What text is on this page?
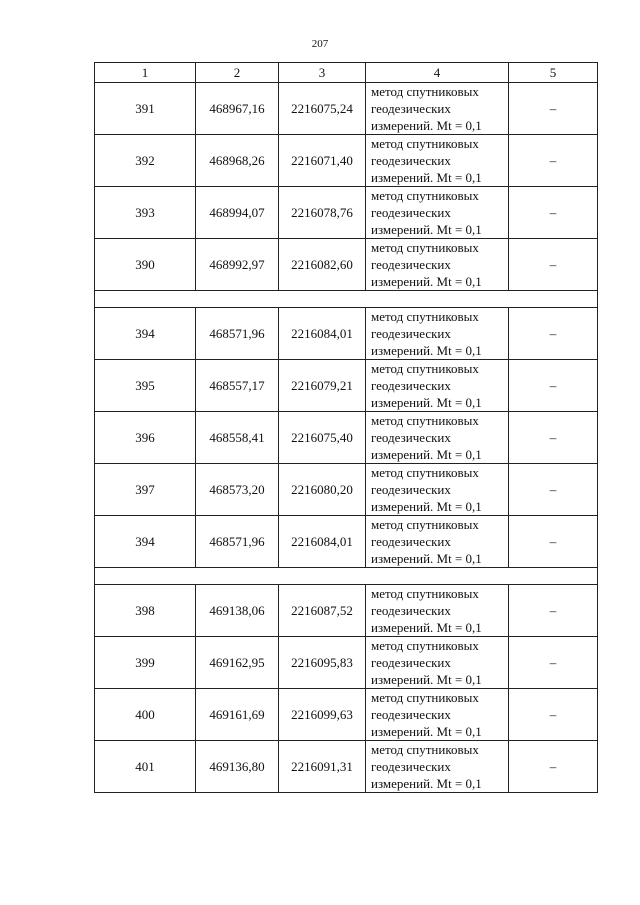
207
1	2	3	4	5
391	468967,16	2216075,24	метод спутниковых
геодезических
измерений. Mt = 0,1	–
392	468968,26	2216071,40	метод спутниковых
геодезических
измерений. Mt = 0,1	–
393	468994,07	2216078,76	метод спутниковых
геодезических
измерений. Mt = 0,1	–
390	468992,97	2216082,60	метод спутниковых
геодезических
измерений. Mt = 0,1	–

394	468571,96	2216084,01	метод спутниковых
геодезических
измерений. Mt = 0,1	–
395	468557,17	2216079,21	метод спутниковых
геодезических
измерений. Mt = 0,1	–
396	468558,41	2216075,40	метод спутниковых
геодезических
измерений. Mt = 0,1	–
397	468573,20	2216080,20	метод спутниковых
геодезических
измерений. Mt = 0,1	–
394	468571,96	2216084,01	метод спутниковых
геодезических
измерений. Mt = 0,1	–

398	469138,06	2216087,52	метод спутниковых
геодезических
измерений. Mt = 0,1	–
399	469162,95	2216095,83	метод спутниковых
геодезических
измерений. Mt = 0,1	–
400	469161,69	2216099,63	метод спутниковых
геодезических
измерений. Mt = 0,1	–
401	469136,80	2216091,31	метод спутниковых
геодезических
измерений. Mt = 0,1	–
